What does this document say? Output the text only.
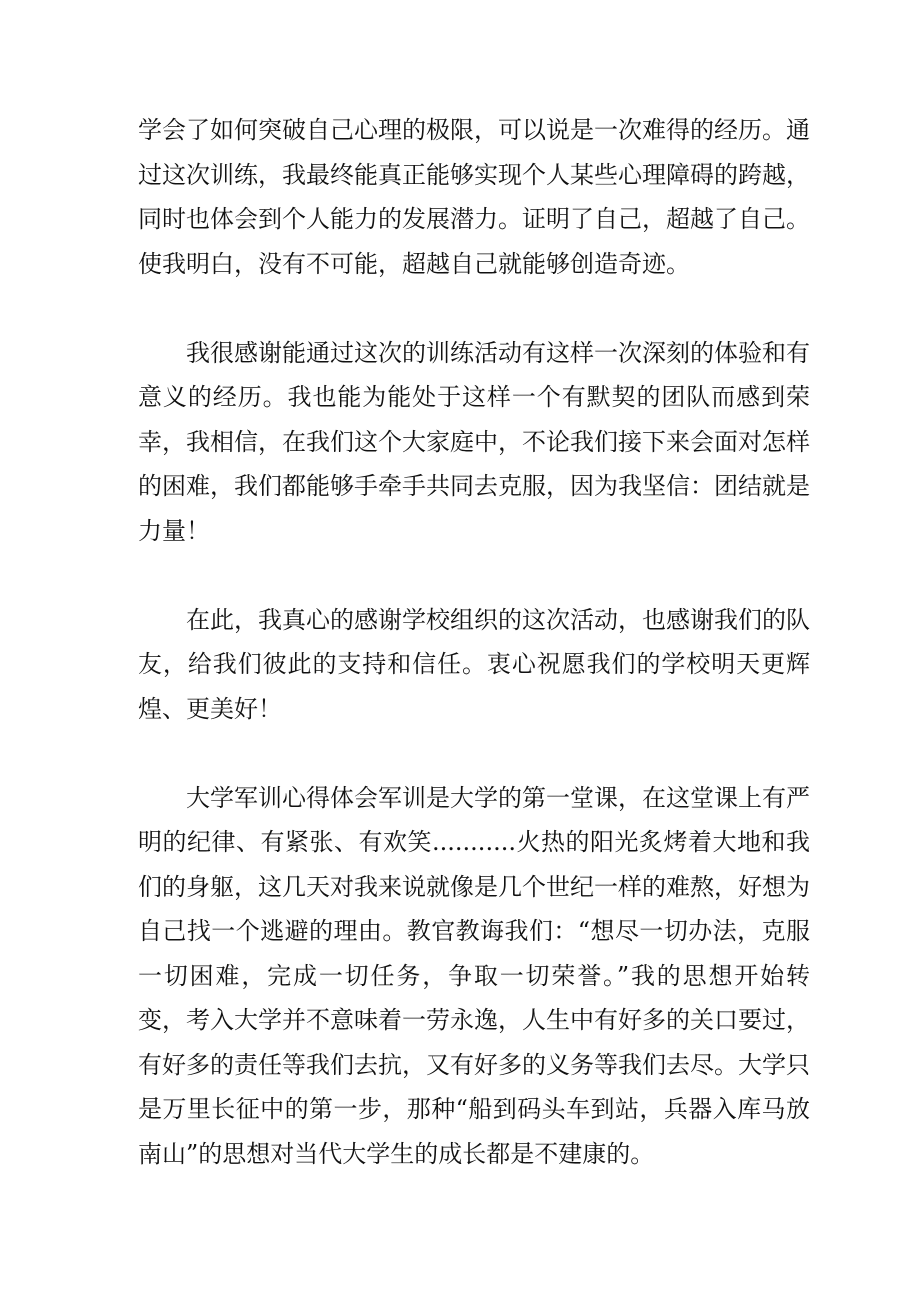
学会了如何突破自己心理的极限，可以说是一次难得的经历。通过这次训练，我最终能真正能够实现个人某些心理障碍的跨越，同时也体会到个人能力的发展潜力。证明了自己，超越了自己。使我明白，没有不可能，超越自己就能够创造奇迹。

我很感谢能通过这次的训练活动有这样一次深刻的体验和有意义的经历。我也能为能处于这样一个有默契的团队而感到荣幸，我相信，在我们这个大家庭中，不论我们接下来会面对怎样的困难，我们都能够手牵手共同去克服，因为我坚信：团结就是力量！

在此，我真心的感谢学校组织的这次活动，也感谢我们的队友，给我们彼此的支持和信任。衷心祝愿我们的学校明天更辉煌、更美好！

大学军训心得体会军训是大学的第一堂课，在这堂课上有严明的纪律、有紧张、有欢笑...........火热的阳光炙烤着大地和我们的身躯，这几天对我来说就像是几个世纪一样的难熬，好想为自己找一个逃避的理由。教官教诲我们：“想尽一切办法，克服一切困难，完成一切任务，争取一切荣誉。”我的思想开始转变，考入大学并不意味着一劳永逸，人生中有好多的关口要过，有好多的责任等我们去抗，又有好多的义务等我们去尽。大学只是万里长征中的第一步，那种“船到码头车到站，兵器入库马放南山”的思想对当代大学生的成长都是不建康的。
